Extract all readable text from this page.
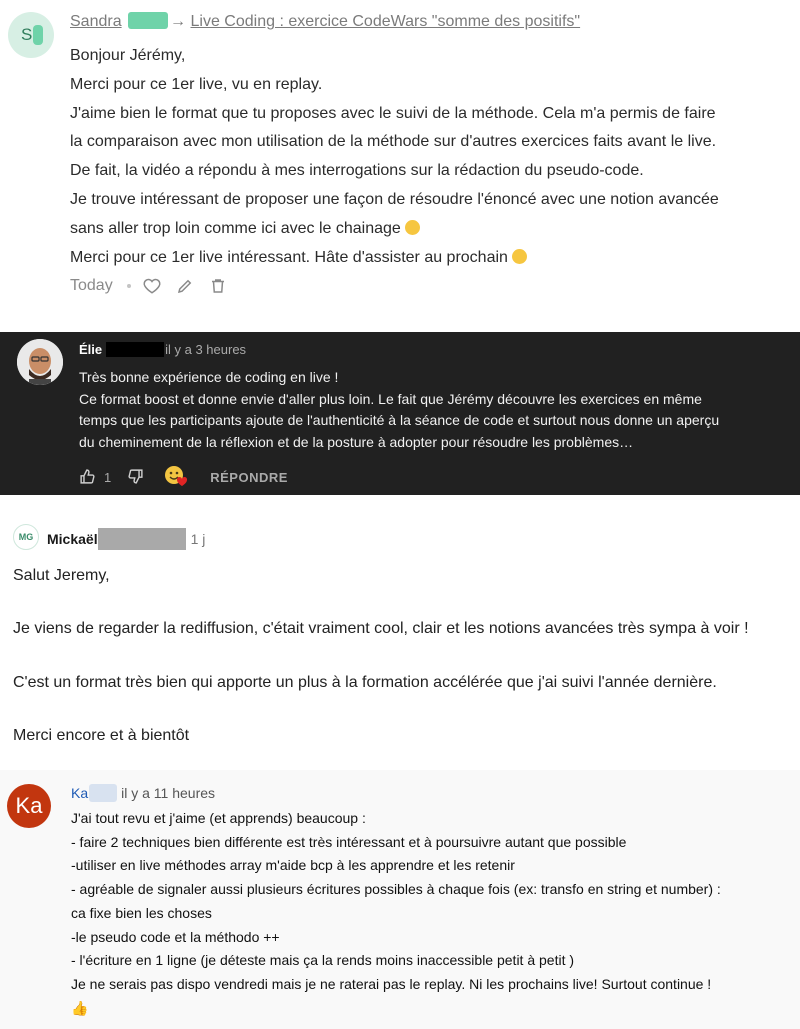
S
Sandra	→ Live Coding : exercice CodeWars "somme des positifs"

Bonjour Jérémy,

Merci pour ce 1er live, vu en replay.

J'aime bien le format que tu proposes avec le suivi de la méthode. Cela m'a permis de faire

la comparaison avec mon utilisation de la méthode sur d'autres exercices faits avant le live.

De fait, la vidéo a répondu à mes interrogations sur la rédaction du pseudo-code.

Je trouve intéressant de proposer une façon de résoudre l'énoncé avec une notion avancée

sans aller trop loin comme ici avec le chainage

Merci pour ce 1er live intéressant. Hâte d'assister au prochain

Today
Élie	il y a 3 heures

Très bonne expérience de coding en live !

Ce format boost et donne envie d'aller plus loin. Le fait que Jérémy découvre les exercices en même

temps que les participants ajoute de l'authenticité à la séance de code et surtout nous donne un aperçu

du cheminement de la réflexion et de la posture à adopter pour résoudre les problèmes…

1	RÉPONDRE
MG Mickaël	1 j

Salut Jeremy,

Je viens de regarder la rediffusion, c'était vraiment cool, clair et les notions avancées très sympa à voir !

C'est un format très bien qui apporte un plus à la formation accélérée que j'ai suivi l'année dernière.

Merci encore et à bientôt

Ka	Ka il y a 11 heures

J'ai tout revu et j'aime (et apprends) beaucoup :

- faire 2 techniques bien différente est très intéressant et à poursuivre autant que possible

-utiliser en live méthodes array m'aide bcp à les apprendre et les retenir

- agréable de signaler aussi plusieurs écritures possibles à chaque fois (ex: transfo en string et number) :

ca fixe bien les choses

-le pseudo code et la méthodo ++

- l'écriture en 1 ligne (je déteste mais ça la rends moins inaccessible petit à petit )

Je ne serais pas dispo vendredi mais je ne raterai pas le replay. Ni les prochains live! Surtout continue !

👍
